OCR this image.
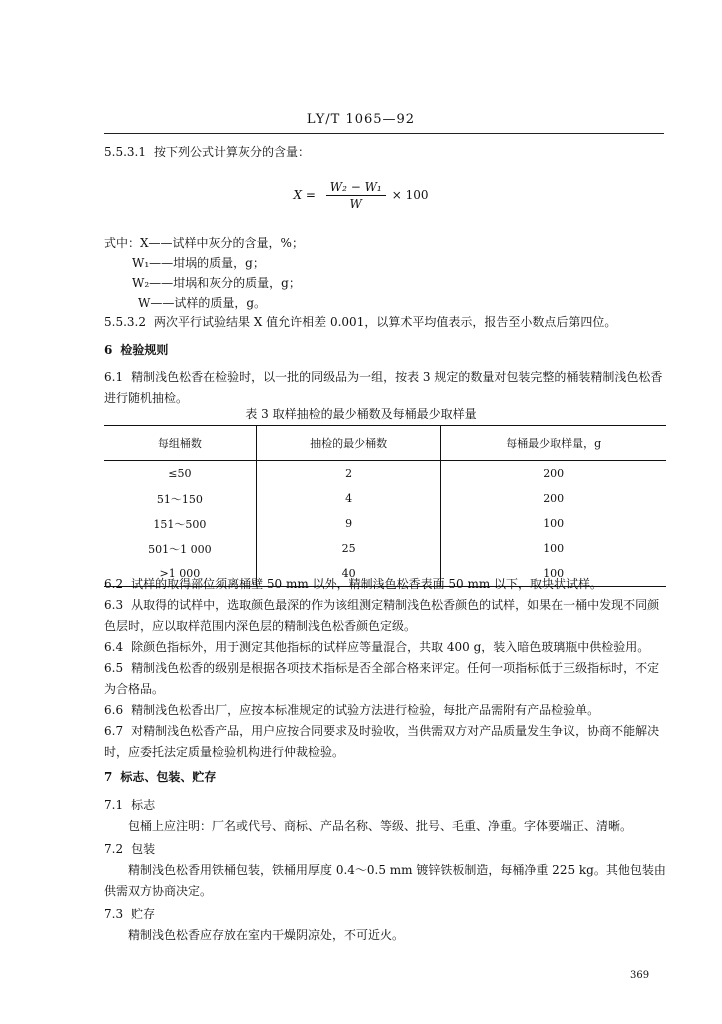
LY/T 1065—92
5.5.3.1 按下列公式计算灰分的含量：
$X = \frac{\text{W₂ − W₁}}{W} \times 100$
式中：X——试样中灰分的含量，%；
W₁——坩埚的质量，g；
W₂——坩埚和灰分的质量，g；
W——试样的质量，g。
5.5.3.2 两次平行试验结果 X 值允许相差 0.001，以算术平均值表示，报告至小数点后第四位。
6 检验规则
6.1 精制浅色松香在检验时，以一批的同级品为一组，按表 3 规定的数量对包装完整的桶装精制浅色松香进行随机抽检。
表 3 取样抽检的最少桶数及每桶最少取样量
每组桶数	抽检的最少桶数	每桶最少取样量，g
≤50	2	200
51～150	4	200
151～500	9	100
501～1 000	25	100
>1 000	40	100
6.2 试样的取得部位须离桶壁 50 mm 以外，精制浅色松香表面 50 mm 以下，取块状试样。
6.3 从取得的试样中，选取颜色最深的作为该组测定精制浅色松香颜色的试样，如果在一桶中发现不同颜色层时，应以取样范围内深色层的精制浅色松香颜色定级。
6.4 除颜色指标外，用于测定其他指标的试样应等量混合，共取 400 g，装入暗色玻璃瓶中供检验用。
6.5 精制浅色松香的级别是根据各项技术指标是否全部合格来评定。任何一项指标低于三级指标时，不定为合格品。
6.6 精制浅色松香出厂，应按本标准规定的试验方法进行检验，每批产品需附有产品检验单。
6.7 对精制浅色松香产品，用户应按合同要求及时验收，当供需双方对产品质量发生争议，协商不能解决时，应委托法定质量检验机构进行仲裁检验。
7 标志、包装、贮存
7.1 标志
包桶上应注明：厂名或代号、商标、产品名称、等级、批号、毛重、净重。字体要端正、清晰。
7.2 包装
精制浅色松香用铁桶包装，铁桶用厚度 0.4～0.5 mm 镀锌铁板制造，每桶净重 225 kg。其他包装由供需双方协商决定。
7.3 贮存
精制浅色松香应存放在室内干燥阴凉处，不可近火。
369
